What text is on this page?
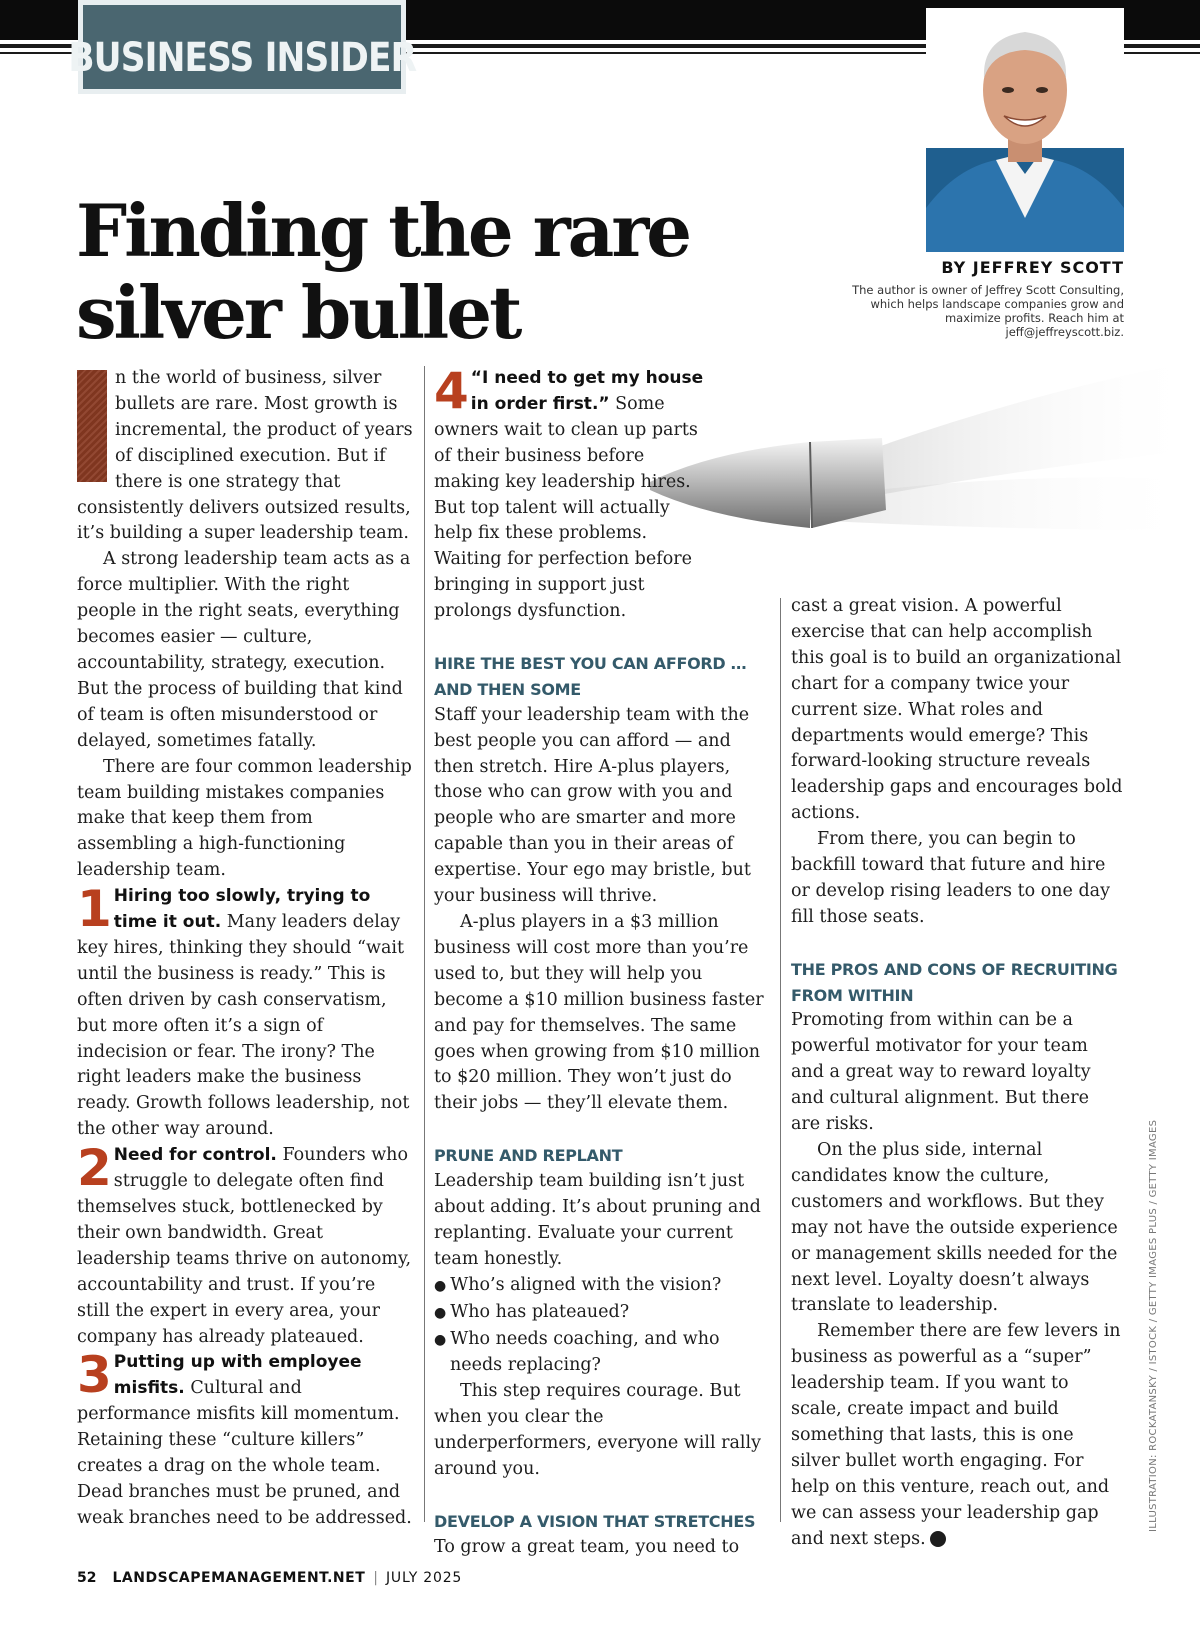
BUSINESS INSIDER
BY JEFFREY SCOTT
The author is owner of Jeffrey Scott Consulting, which helps landscape companies grow and maximize profits. Reach him at jeff@jeffreyscott.biz.
Finding the rare silver bullet

n the world of business, silver bullets are rare. Most growth is incremental, the product of years of disciplined execution. But if there is one strategy that consistently delivers outsized results, it’s building a super leadership team.

A strong leadership team acts as a force multiplier. With the right people in the right seats, everything becomes easier — culture, accountability, strategy, execution. But the process of building that kind of team is often misunderstood or delayed, sometimes fatally.

There are four common leadership team building mistakes companies make that keep them from assembling a high-functioning leadership team.

1 Hiring too slowly, trying to time it out. Many leaders delay key hires, thinking they should “wait until the business is ready.” This is often driven by cash conservatism, but more often it’s a sign of indecision or fear. The irony? The right leaders make the business ready. Growth follows leadership, not the other way around.

2 Need for control. Founders who struggle to delegate often find themselves stuck, bottlenecked by their own bandwidth. Great leadership teams thrive on autonomy, accountability and trust. If you’re still the expert in every area, your company has already plateaued.

3 Putting up with employee misfits. Cultural and performance misfits kill momentum. Retaining these “culture killers” creates a drag on the whole team. Dead branches must be pruned, and weak branches need to be addressed.

4 “I need to get my house in order first.” Some owners wait to clean up parts of their business before making key leadership hires. But top talent will actually help fix these problems. Waiting for perfection before bringing in support just prolongs dysfunction.

HIRE THE BEST YOU CAN AFFORD … AND THEN SOME

Staff your leadership team with the best people you can afford — and then stretch. Hire A-plus players, those who can grow with you and people who are smarter and more capable than you in their areas of expertise. Your ego may bristle, but your business will thrive.

A-plus players in a $3 million business will cost more than you’re used to, but they will help you become a $10 million business faster and pay for themselves. The same goes when growing from $10 million to $20 million. They won’t just do their jobs — they’ll elevate them.

PRUNE AND REPLANT

Leadership team building isn’t just about adding. It’s about pruning and replanting. Evaluate your current team honestly.

● Who’s aligned with the vision?
● Who has plateaued?
● Who needs coaching, and who needs replacing?

This step requires courage. But when you clear the underperformers, everyone will rally around you.

DEVELOP A VISION THAT STRETCHES

To grow a great team, you need to

cast a great vision. A powerful exercise that can help accomplish this goal is to build an organizational chart for a company twice your current size. What roles and departments would emerge? This forward-looking structure reveals leadership gaps and encourages bold actions.

From there, you can begin to backfill toward that future and hire or develop rising leaders to one day fill those seats.

THE PROS AND CONS OF RECRUITING FROM WITHIN

Promoting from within can be a powerful motivator for your team and a great way to reward loyalty and cultural alignment. But there are risks.

On the plus side, internal candidates know the culture, customers and workflows. But they may not have the outside experience or management skills needed for the next level. Loyalty doesn’t always translate to leadership.

Remember there are few levers in business as powerful as a “super” leadership team. If you want to scale, create impact and build something that lasts, this is one silver bullet worth engaging. For help on this venture, reach out, and we can assess your leadership gap and next steps.	LM

ILLUSTRATION: ROCKATANSKY / ISTOCK / GETTY IMAGES PLUS / GETTY IMAGES
52 LANDSCAPEMANAGEMENT.NET | JULY 2025
